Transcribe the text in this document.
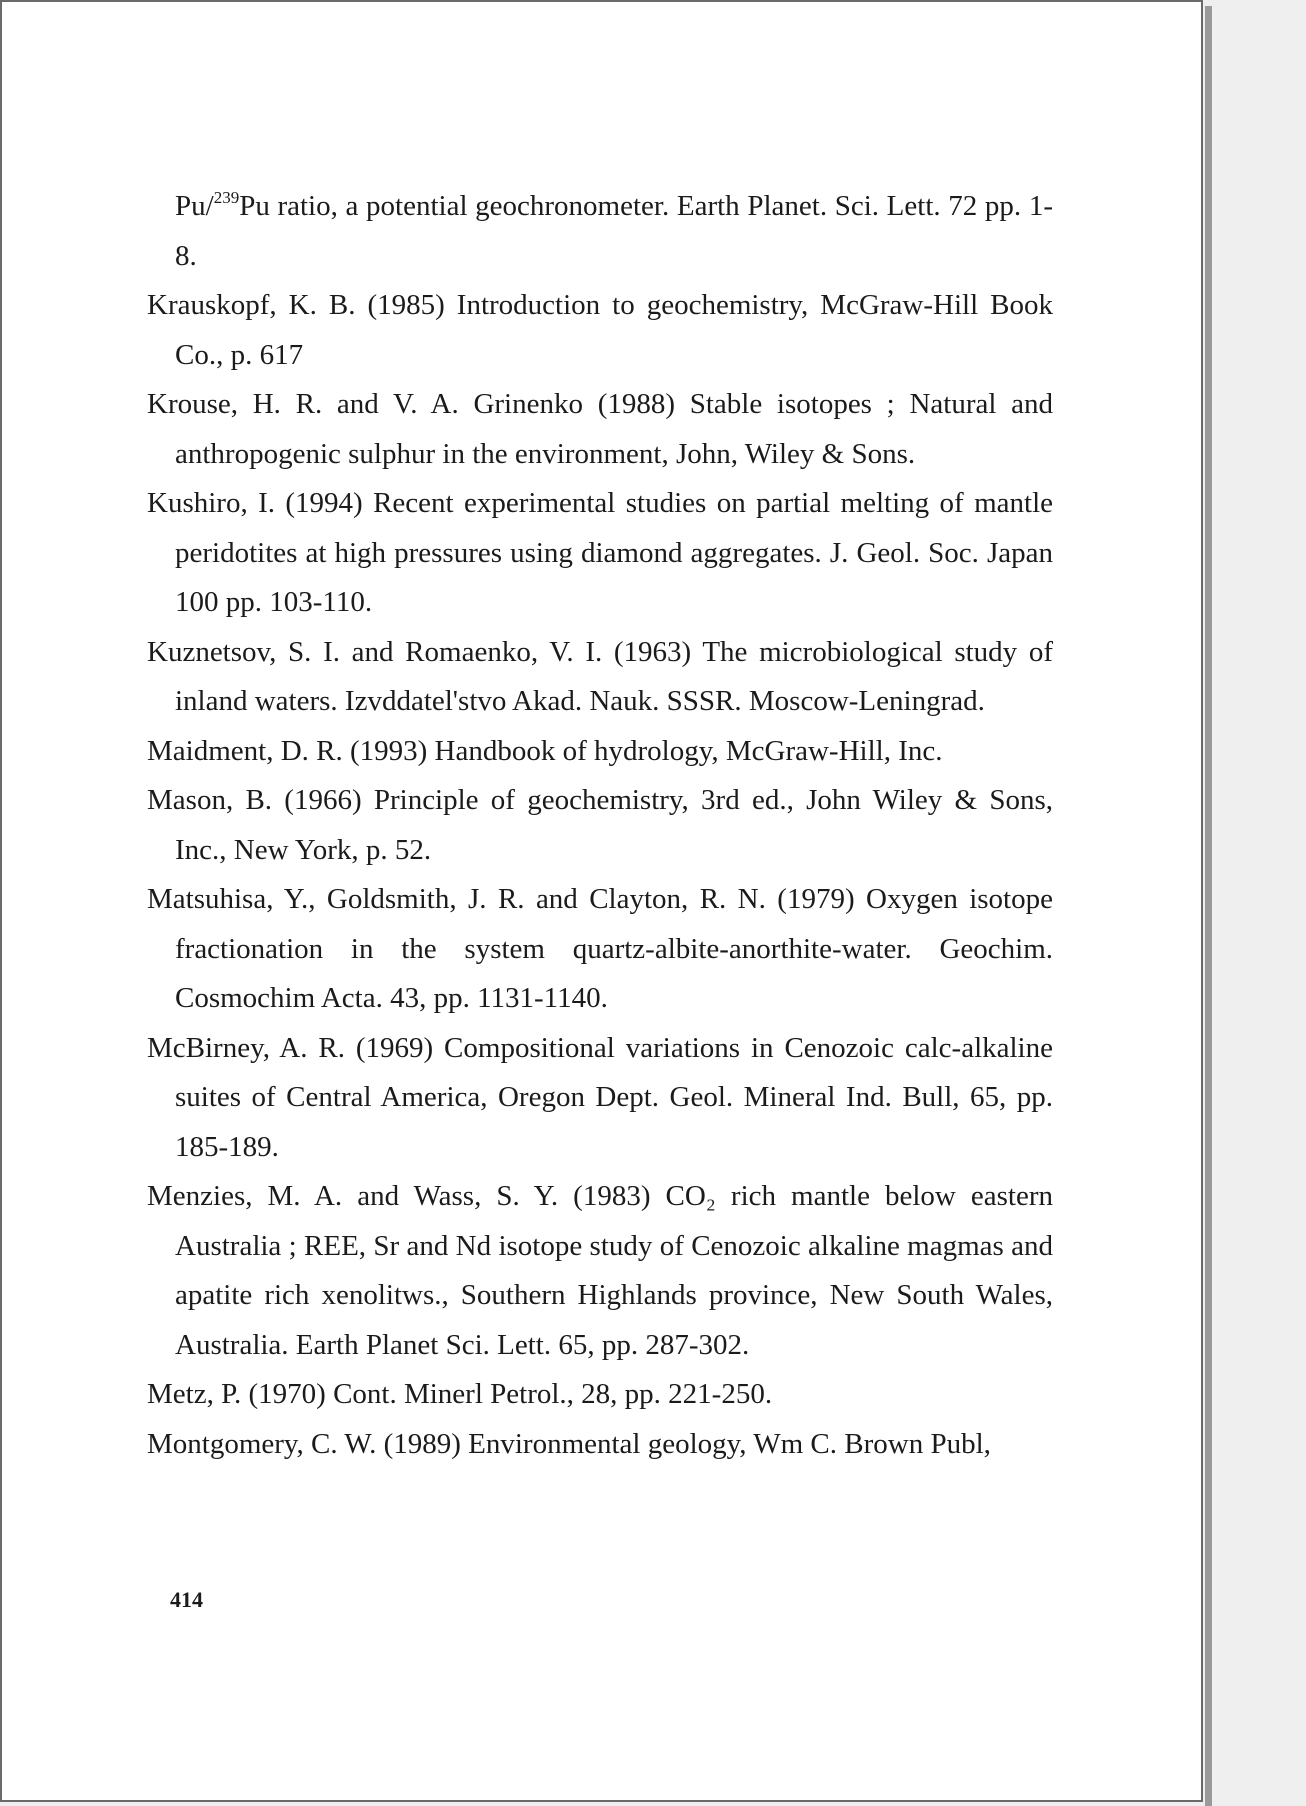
Pu/$^{239}$Pu ratio, a potential geochronometer. Earth Planet. Sci. Lett. 72 pp. 1-8.
Krauskopf, K. B. (1985) Introduction to geochemistry, McGraw-Hill Book Co., p. 617
Krouse, H. R. and V. A. Grinenko (1988) Stable isotopes ; Natural and anthropogenic sulphur in the environment, John, Wiley & Sons.
Kushiro, I. (1994) Recent experimental studies on partial melting of mantle peridotites at high pressures using diamond aggregates. J. Geol. Soc. Japan 100 pp. 103-110.
Kuznetsov, S. I. and Romaenko, V. I. (1963) The microbiological study of inland waters. Izvddatel'stvo Akad. Nauk. SSSR. Moscow-Leningrad.
Maidment, D. R. (1993) Handbook of hydrology, McGraw-Hill, Inc.
Mason, B. (1966) Principle of geochemistry, 3rd ed., John Wiley & Sons, Inc., New York, p. 52.
Matsuhisa, Y., Goldsmith, J. R. and Clayton, R. N. (1979) Oxygen isotope fractionation in the system quartz-albite-anorthite-water. Geochim. Cosmochim Acta. 43, pp. 1131-1140.
McBirney, A. R. (1969) Compositional variations in Cenozoic calc-alkaline suites of Central America, Oregon Dept. Geol. Mineral Ind. Bull, 65, pp. 185-189.
Menzies, M. A. and Wass, S. Y. (1983) CO₂ rich mantle below eastern Australia ; REE, Sr and Nd isotope study of Cenozoic alkaline magmas and apatite rich xenolitws., Southern Highlands province, New South Wales, Australia. Earth Planet Sci. Lett. 65, pp. 287-302.
Metz, P. (1970) Cont. Minerl Petrol., 28, pp. 221-250.
Montgomery, C. W. (1989) Environmental geology, Wm C. Brown Publ,
414
